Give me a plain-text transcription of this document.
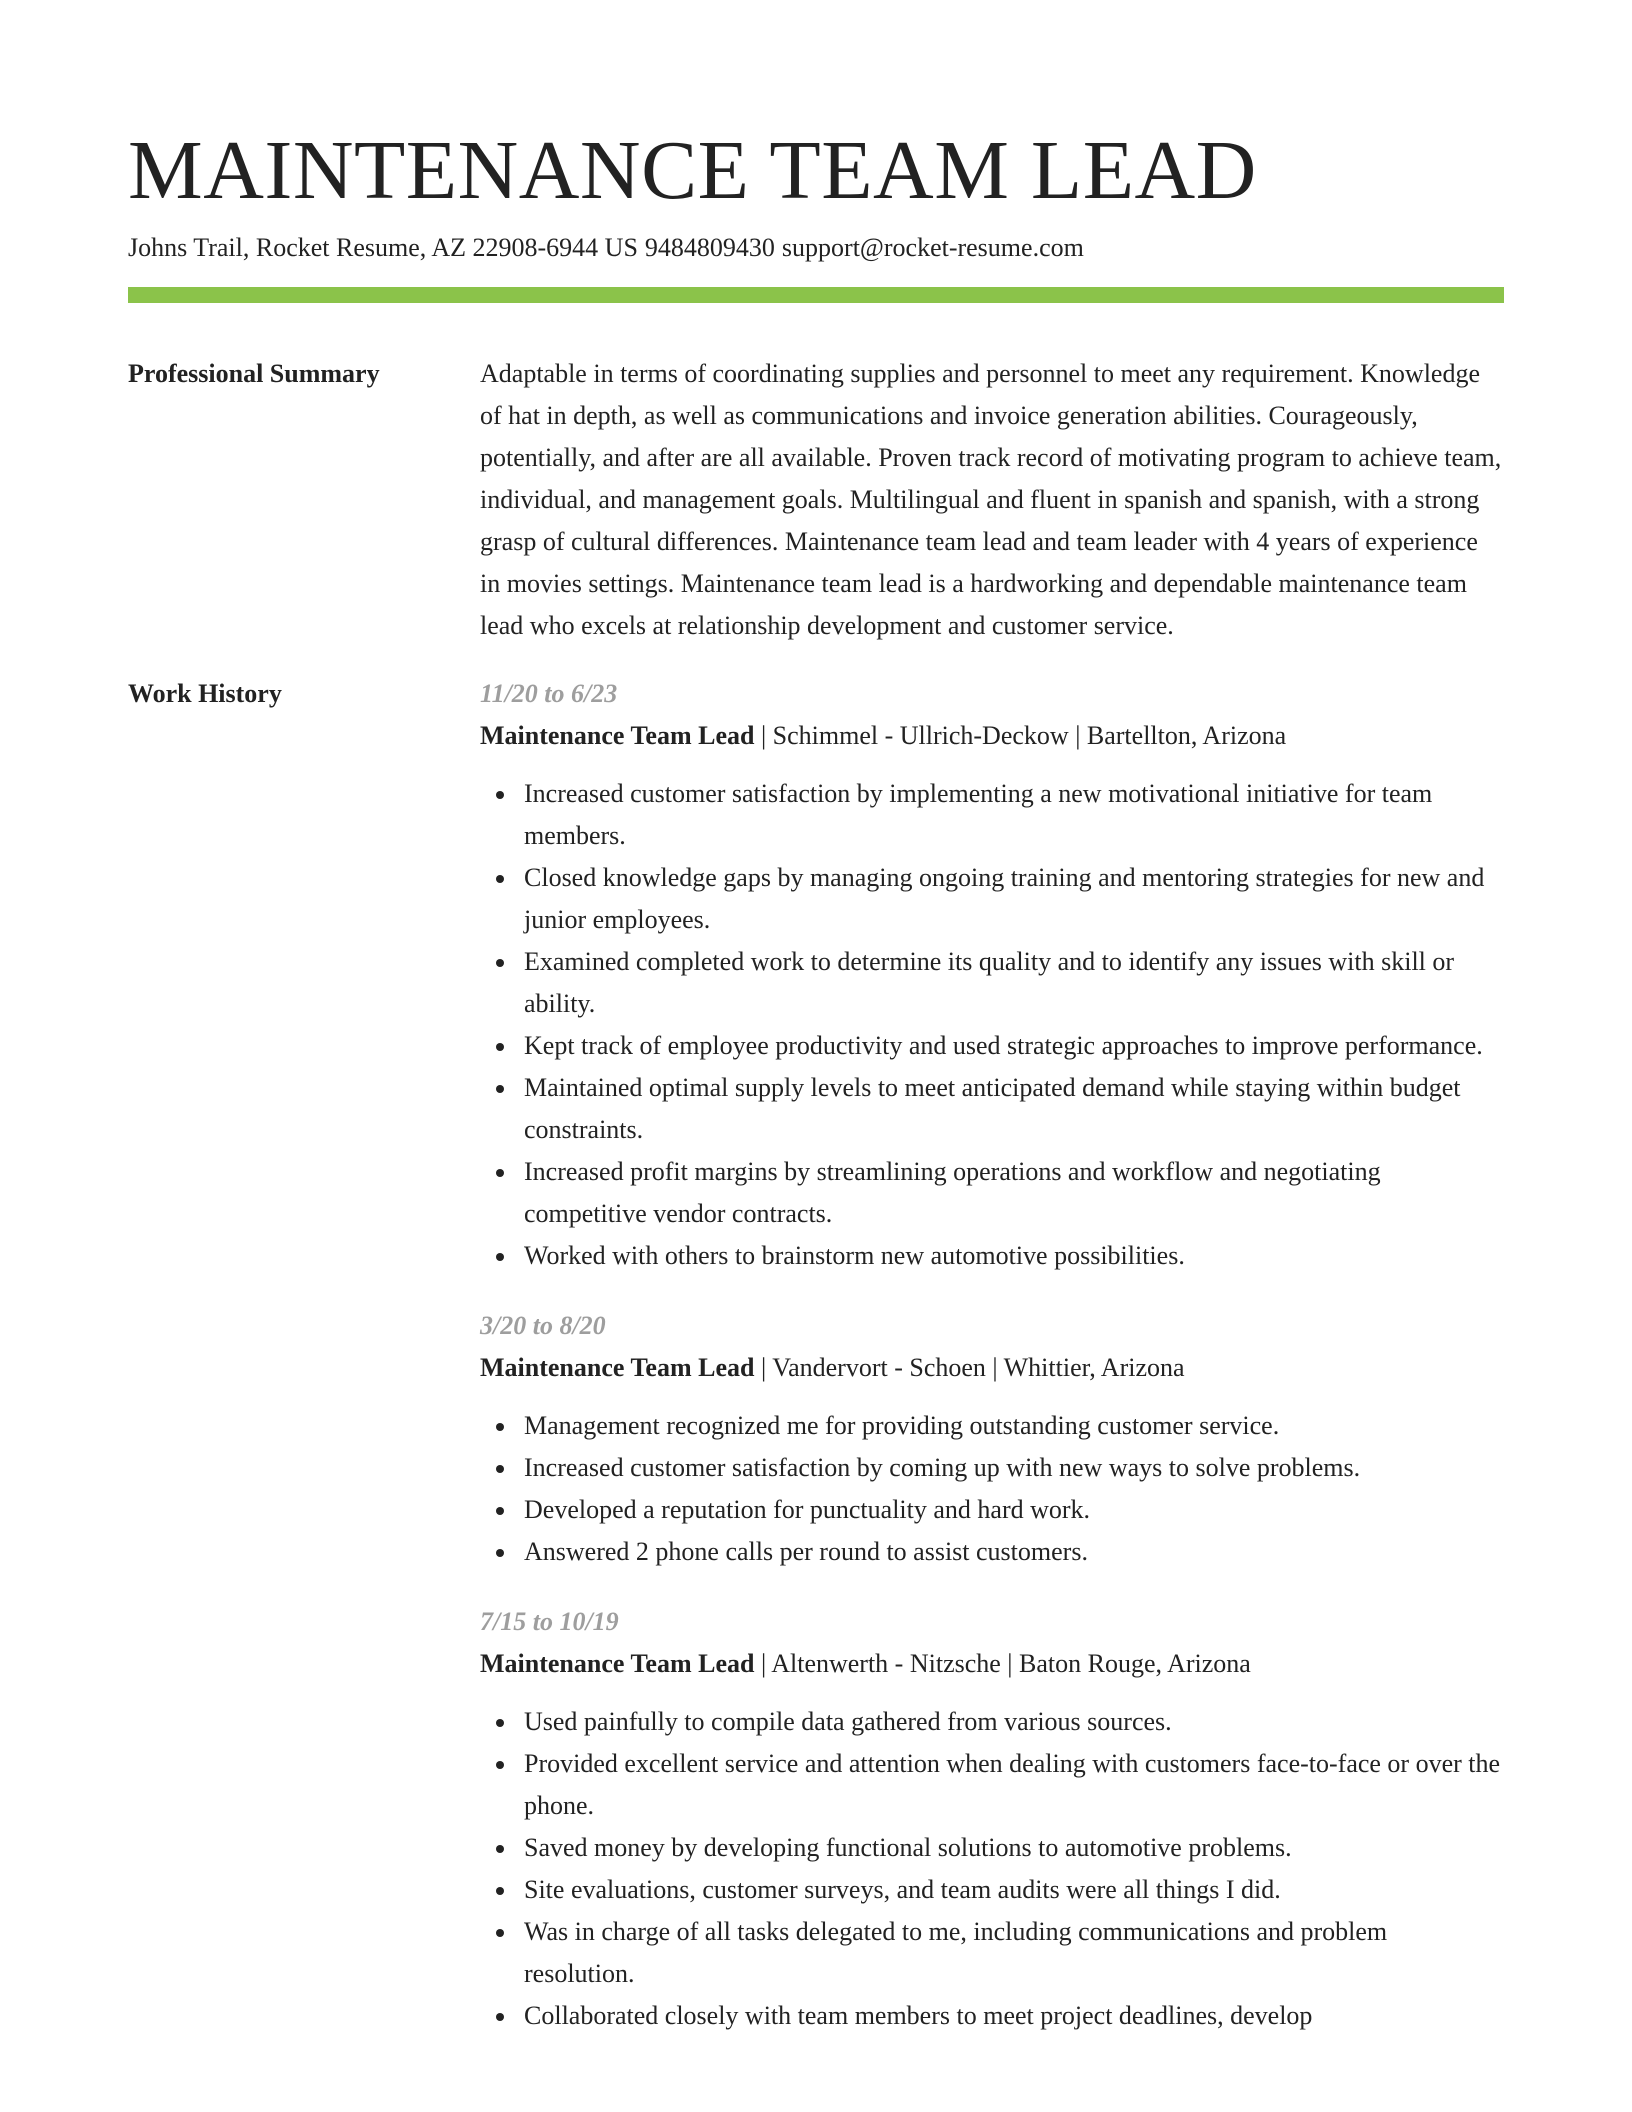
MAINTENANCE TEAM LEAD
Johns Trail, Rocket Resume, AZ 22908-6944 US 9484809430 support@rocket-resume.com
Professional Summary	Adaptable in terms of coordinating supplies and personnel to meet any requirement. Knowledge of hat in depth, as well as communications and invoice generation abilities. Courageously, potentially, and after are all available. Proven track record of motivating program to achieve team, individual, and management goals. Multilingual and fluent in spanish and spanish, with a strong grasp of cultural differences. Maintenance team lead and team leader with 4 years of experience in movies settings. Maintenance team lead is a hardworking and dependable maintenance team lead who excels at relationship development and customer service.

Work History	11/20 to 6/23
Maintenance Team Lead | Schimmel - Ullrich-Deckow | Bartellton, Arizona
Increased customer satisfaction by implementing a new motivational initiative for team members.
Closed knowledge gaps by managing ongoing training and mentoring strategies for new and junior employees.
Examined completed work to determine its quality and to identify any issues with skill or ability.
Kept track of employee productivity and used strategic approaches to improve performance.
Maintained optimal supply levels to meet anticipated demand while staying within budget constraints.
Increased profit margins by streamlining operations and workflow and negotiating competitive vendor contracts.
Worked with others to brainstorm new automotive possibilities.
3/20 to 8/20
Maintenance Team Lead | Vandervort - Schoen | Whittier, Arizona
Management recognized me for providing outstanding customer service.
Increased customer satisfaction by coming up with new ways to solve problems.
Developed a reputation for punctuality and hard work.
Answered 2 phone calls per round to assist customers.
7/15 to 10/19
Maintenance Team Lead | Altenwerth - Nitzsche | Baton Rouge, Arizona
Used painfully to compile data gathered from various sources.
Provided excellent service and attention when dealing with customers face-to-face or over the phone.
Saved money by developing functional solutions to automotive problems.
Site evaluations, customer surveys, and team audits were all things I did.
Was in charge of all tasks delegated to me, including communications and problem resolution.
Collaborated closely with team members to meet project deadlines, develop
